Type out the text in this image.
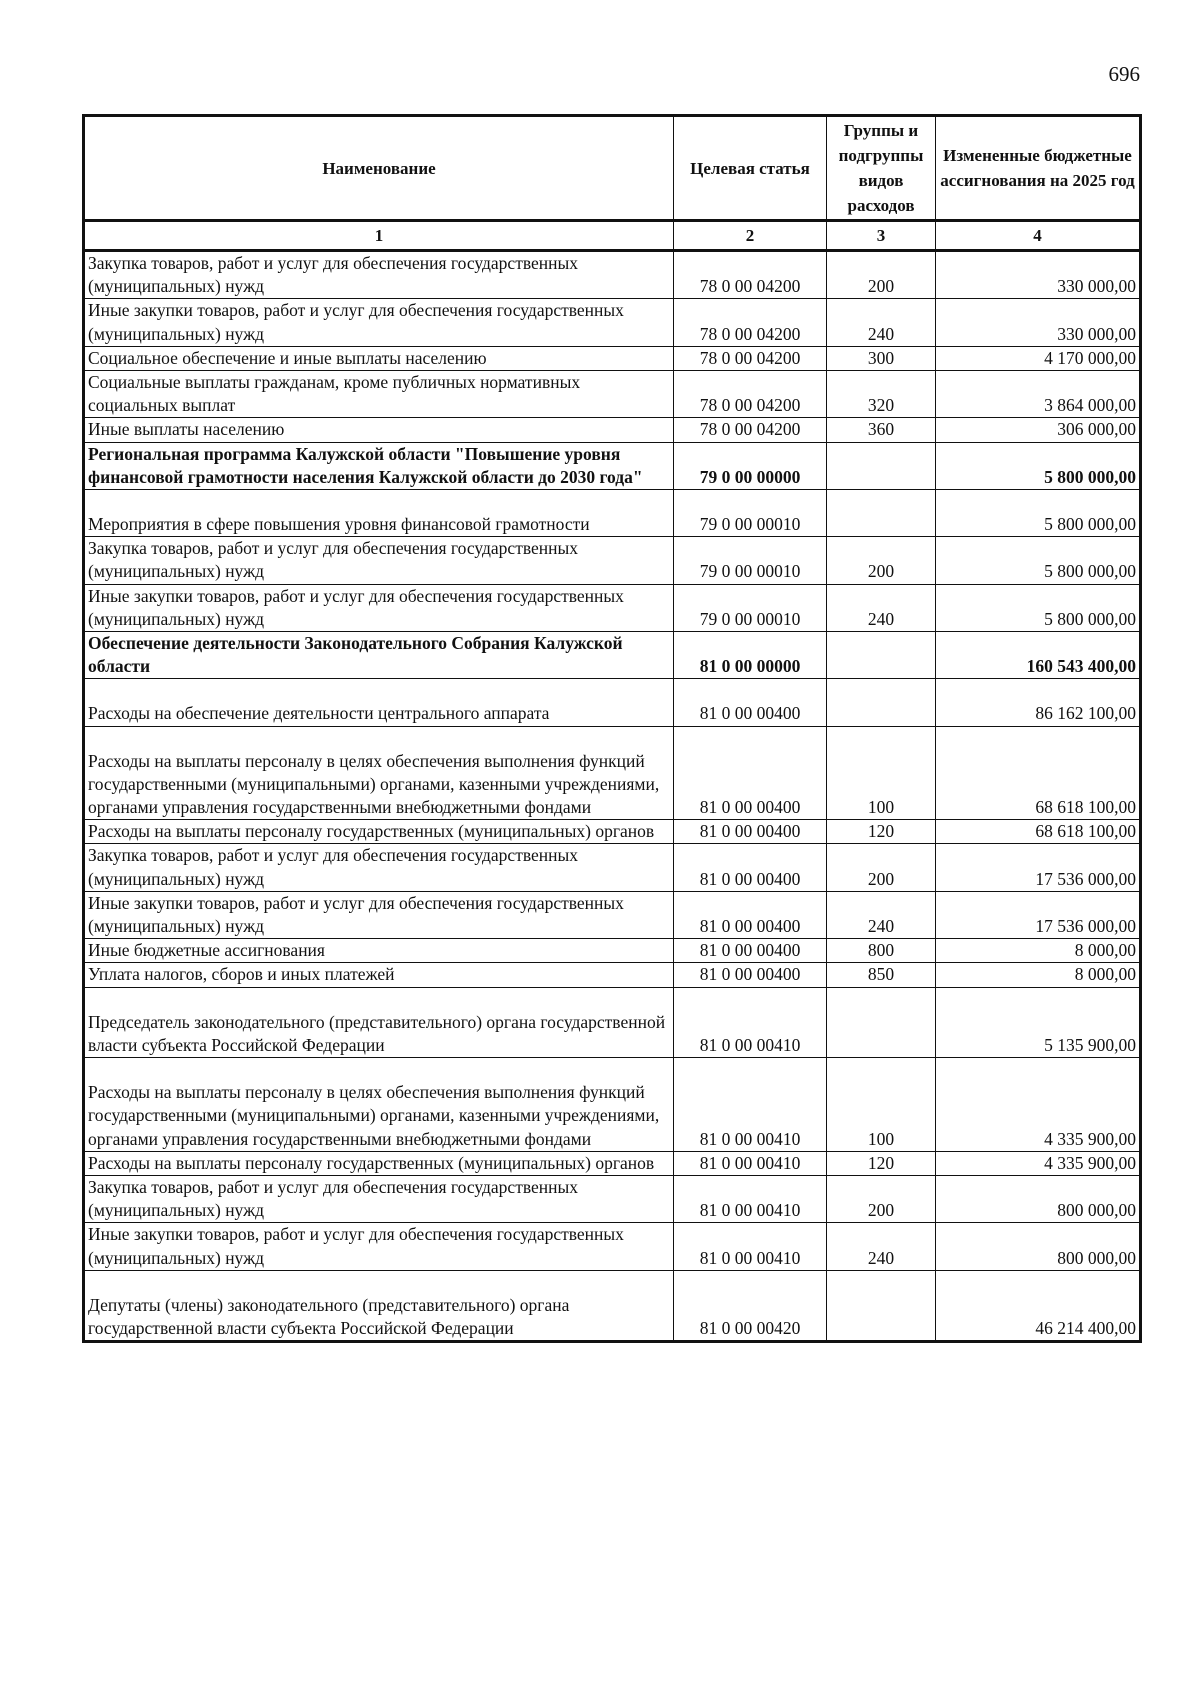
696
Наименование	Целевая статья	Группы и подгруппы видов расходов	Измененные бюджетные ассигнования на 2025 год
1	2	3	4
Закупка товаров, работ и услуг для обеспечения государственных (муниципальных) нужд	78 0 00 04200	200	330 000,00
Иные закупки товаров, работ и услуг для обеспечения государственных (муниципальных) нужд	78 0 00 04200	240	330 000,00
Социальное обеспечение и иные выплаты населению	78 0 00 04200	300	4 170 000,00
Социальные выплаты гражданам, кроме публичных нормативных социальных выплат	78 0 00 04200	320	3 864 000,00
Иные выплаты населению	78 0 00 04200	360	306 000,00
Региональная программа Калужской области "Повышение уровня финансовой грамотности населения Калужской области до 2030 года"	79 0 00 00000		5 800 000,00
Мероприятия в сфере повышения уровня финансовой грамотности	79 0 00 00010		5 800 000,00
Закупка товаров, работ и услуг для обеспечения государственных (муниципальных) нужд	79 0 00 00010	200	5 800 000,00
Иные закупки товаров, работ и услуг для обеспечения государственных (муниципальных) нужд	79 0 00 00010	240	5 800 000,00
Обеспечение деятельности Законодательного Собрания Калужской области	81 0 00 00000		160 543 400,00
Расходы на обеспечение деятельности центрального аппарата	81 0 00 00400		86 162 100,00
Расходы на выплаты персоналу в целях обеспечения выполнения функций государственными (муниципальными) органами, казенными учреждениями, органами управления государственными внебюджетными фондами	81 0 00 00400	100	68 618 100,00
Расходы на выплаты персоналу государственных (муниципальных) органов	81 0 00 00400	120	68 618 100,00
Закупка товаров, работ и услуг для обеспечения государственных (муниципальных) нужд	81 0 00 00400	200	17 536 000,00
Иные закупки товаров, работ и услуг для обеспечения государственных (муниципальных) нужд	81 0 00 00400	240	17 536 000,00
Иные бюджетные ассигнования	81 0 00 00400	800	8 000,00
Уплата налогов, сборов и иных платежей	81 0 00 00400	850	8 000,00
Председатель законодательного (представительного) органа государственной власти субъекта Российской Федерации	81 0 00 00410		5 135 900,00
Расходы на выплаты персоналу в целях обеспечения выполнения функций государственными (муниципальными) органами, казенными учреждениями, органами управления государственными внебюджетными фондами	81 0 00 00410	100	4 335 900,00
Расходы на выплаты персоналу государственных (муниципальных) органов	81 0 00 00410	120	4 335 900,00
Закупка товаров, работ и услуг для обеспечения государственных (муниципальных) нужд	81 0 00 00410	200	800 000,00
Иные закупки товаров, работ и услуг для обеспечения государственных (муниципальных) нужд	81 0 00 00410	240	800 000,00
Депутаты (члены) законодательного (представительного) органа государственной власти субъекта Российской Федерации	81 0 00 00420		46 214 400,00
